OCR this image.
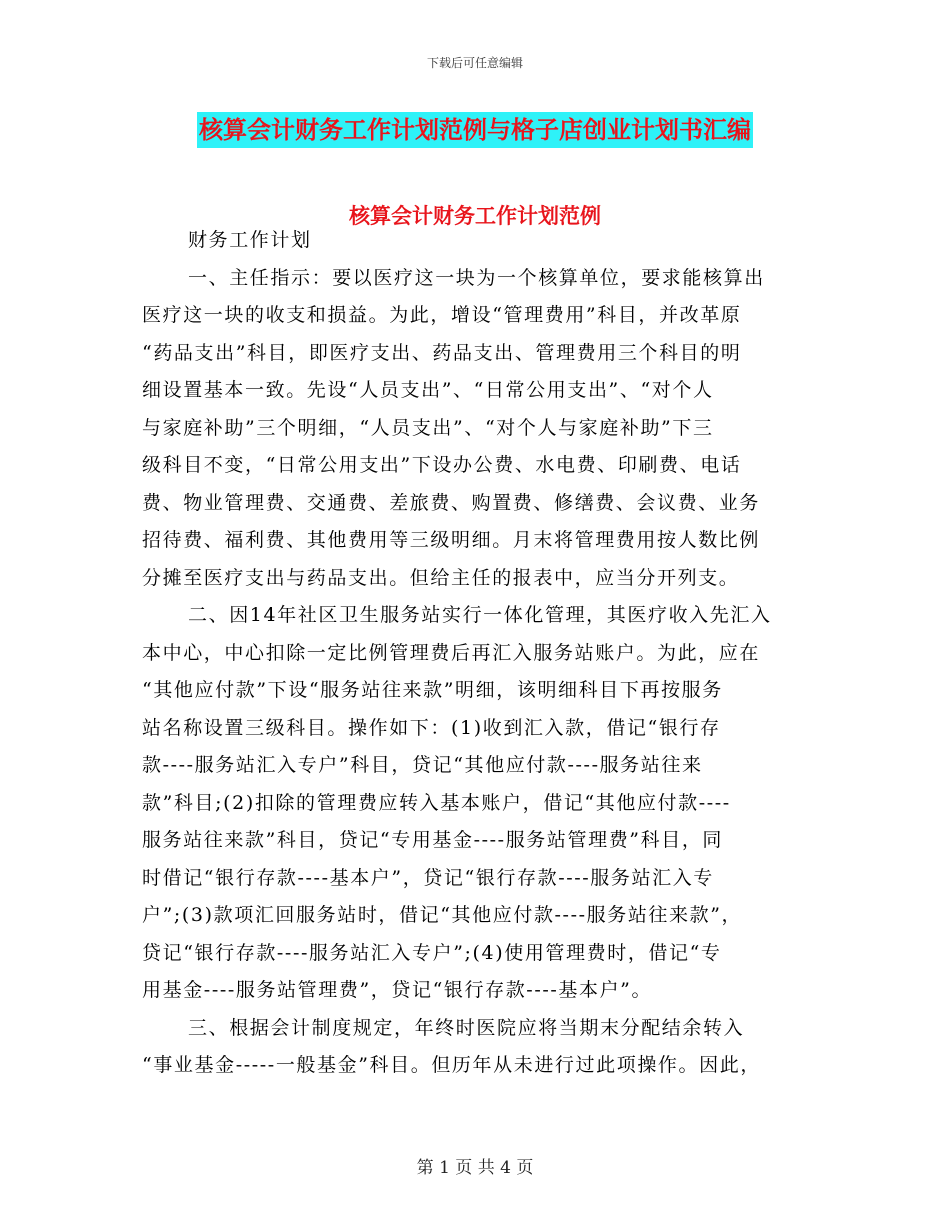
下载后可任意编辑
核算会计财务工作计划范例与格子店创业计划书汇编
核算会计财务工作计划范例
财务工作计划
一、主任指示：要以医疗这一块为一个核算单位，要求能核算出
医疗这一块的收支和损益。为此，增设“管理费用”科目，并改革原
“药品支出”科目，即医疗支出、药品支出、管理费用三个科目的明
细设置基本一致。先设“人员支出”、“日常公用支出”、“对个人
与家庭补助”三个明细，“人员支出”、“对个人与家庭补助”下三
级科目不变，“日常公用支出”下设办公费、水电费、印刷费、电话
费、物业管理费、交通费、差旅费、购置费、修缮费、会议费、业务
招待费、福利费、其他费用等三级明细。月末将管理费用按人数比例
分摊至医疗支出与药品支出。但给主任的报表中，应当分开列支。
二、因14年社区卫生服务站实行一体化管理，其医疗收入先汇入
本中心，中心扣除一定比例管理费后再汇入服务站账户。为此，应在
“其他应付款”下设“服务站往来款”明细，该明细科目下再按服务
站名称设置三级科目。操作如下：(1)收到汇入款，借记“银行存
款----服务站汇入专户”科目，贷记“其他应付款----服务站往来
款”科目;(2)扣除的管理费应转入基本账户，借记“其他应付款----
服务站往来款”科目，贷记“专用基金----服务站管理费”科目，同
时借记“银行存款----基本户”，贷记“银行存款----服务站汇入专
户”;(3)款项汇回服务站时，借记“其他应付款----服务站往来款”，
贷记“银行存款----服务站汇入专户”;(4)使用管理费时，借记“专
用基金----服务站管理费”，贷记“银行存款----基本户”。
三、根据会计制度规定，年终时医院应将当期末分配结余转入
“事业基金-----一般基金”科目。但历年从未进行过此项操作。因此，
第 1 页 共 4 页
